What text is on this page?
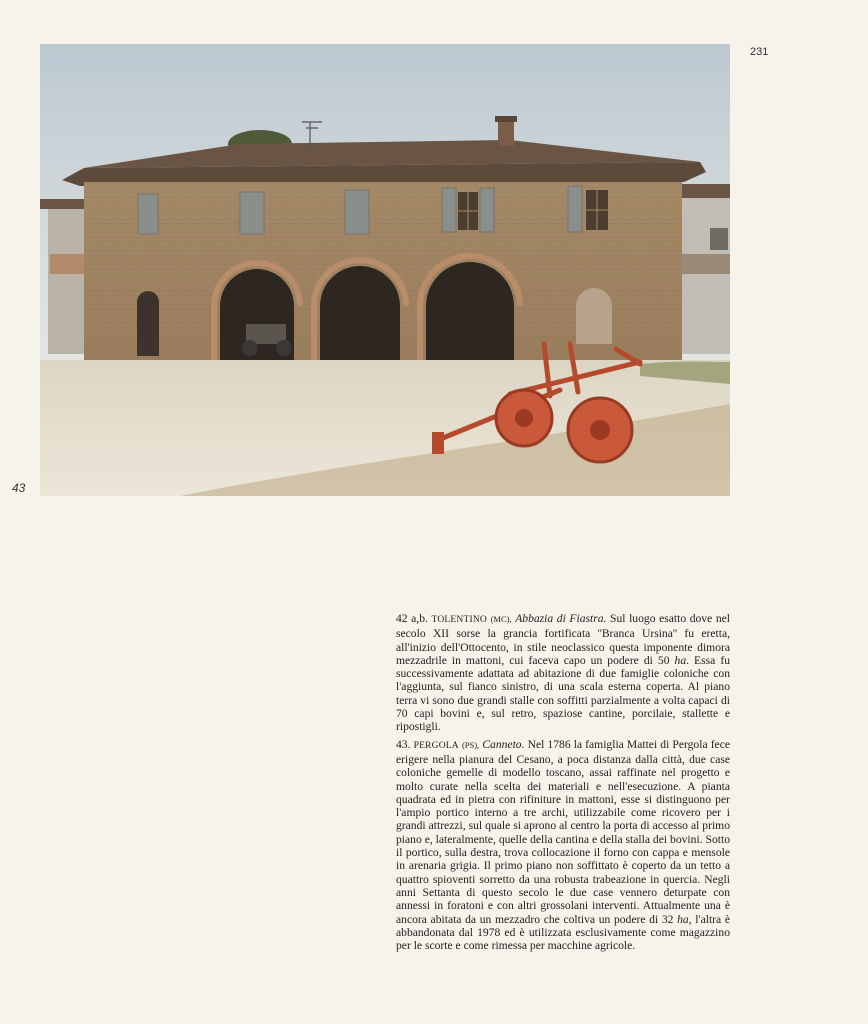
231
43

42 a,b. TOLENTINO (MC), Abbazia di Fiastra. Sul luogo esatto dove nel secolo XII sorse la grancia fortificata ''Branca Ursina'' fu eretta, all'inizio dell'Ottocento, in stile neoclassico questa imponente dimora mezzadrile in mattoni, cui faceva capo un podere di 50 ha. Essa fu successivamente adattata ad abitazione di due famiglie coloniche con l'aggiunta, sul fianco sinistro, di una scala esterna coperta. Al piano terra vi sono due grandi stalle con soffitti parzialmente a volta capaci di 70 capi bovini e, sul retro, spaziose cantine, porcilaie, stallette e ripostigli.

43. PERGOLA (PS), Canneto. Nel 1786 la famiglia Mattei di Pergola fece erigere nella pianura del Cesano, a poca distanza dalla città, due case coloniche gemelle di modello toscano, assai raffinate nel progetto e molto curate nella scelta dei materiali e nell'esecuzione. A pianta quadrata ed in pietra con rifiniture in mattoni, esse si distinguono per l'ampio portico interno a tre archi, utilizzabile come ricovero per i grandi attrezzi, sul quale si aprono al centro la porta di accesso al primo piano e, lateralmente, quelle della cantina e della stalla dei bovini. Sotto il portico, sulla destra, trova collocazione il forno con cappa e mensole in arenaria grigia. Il primo piano non soffittato è coperto da un tetto a quattro spioventi sorretto da una robusta trabeazione in quercia. Negli anni Settanta di questo secolo le due case vennero deturpate con annessi in foratoni e con altri grossolani interventi. Attualmente una è ancora abitata da un mezzadro che coltiva un podere di 32 ha, l'altra è abbandonata dal 1978 ed è utilizzata esclusivamente come magazzino per le scorte e come rimessa per macchine agricole.
